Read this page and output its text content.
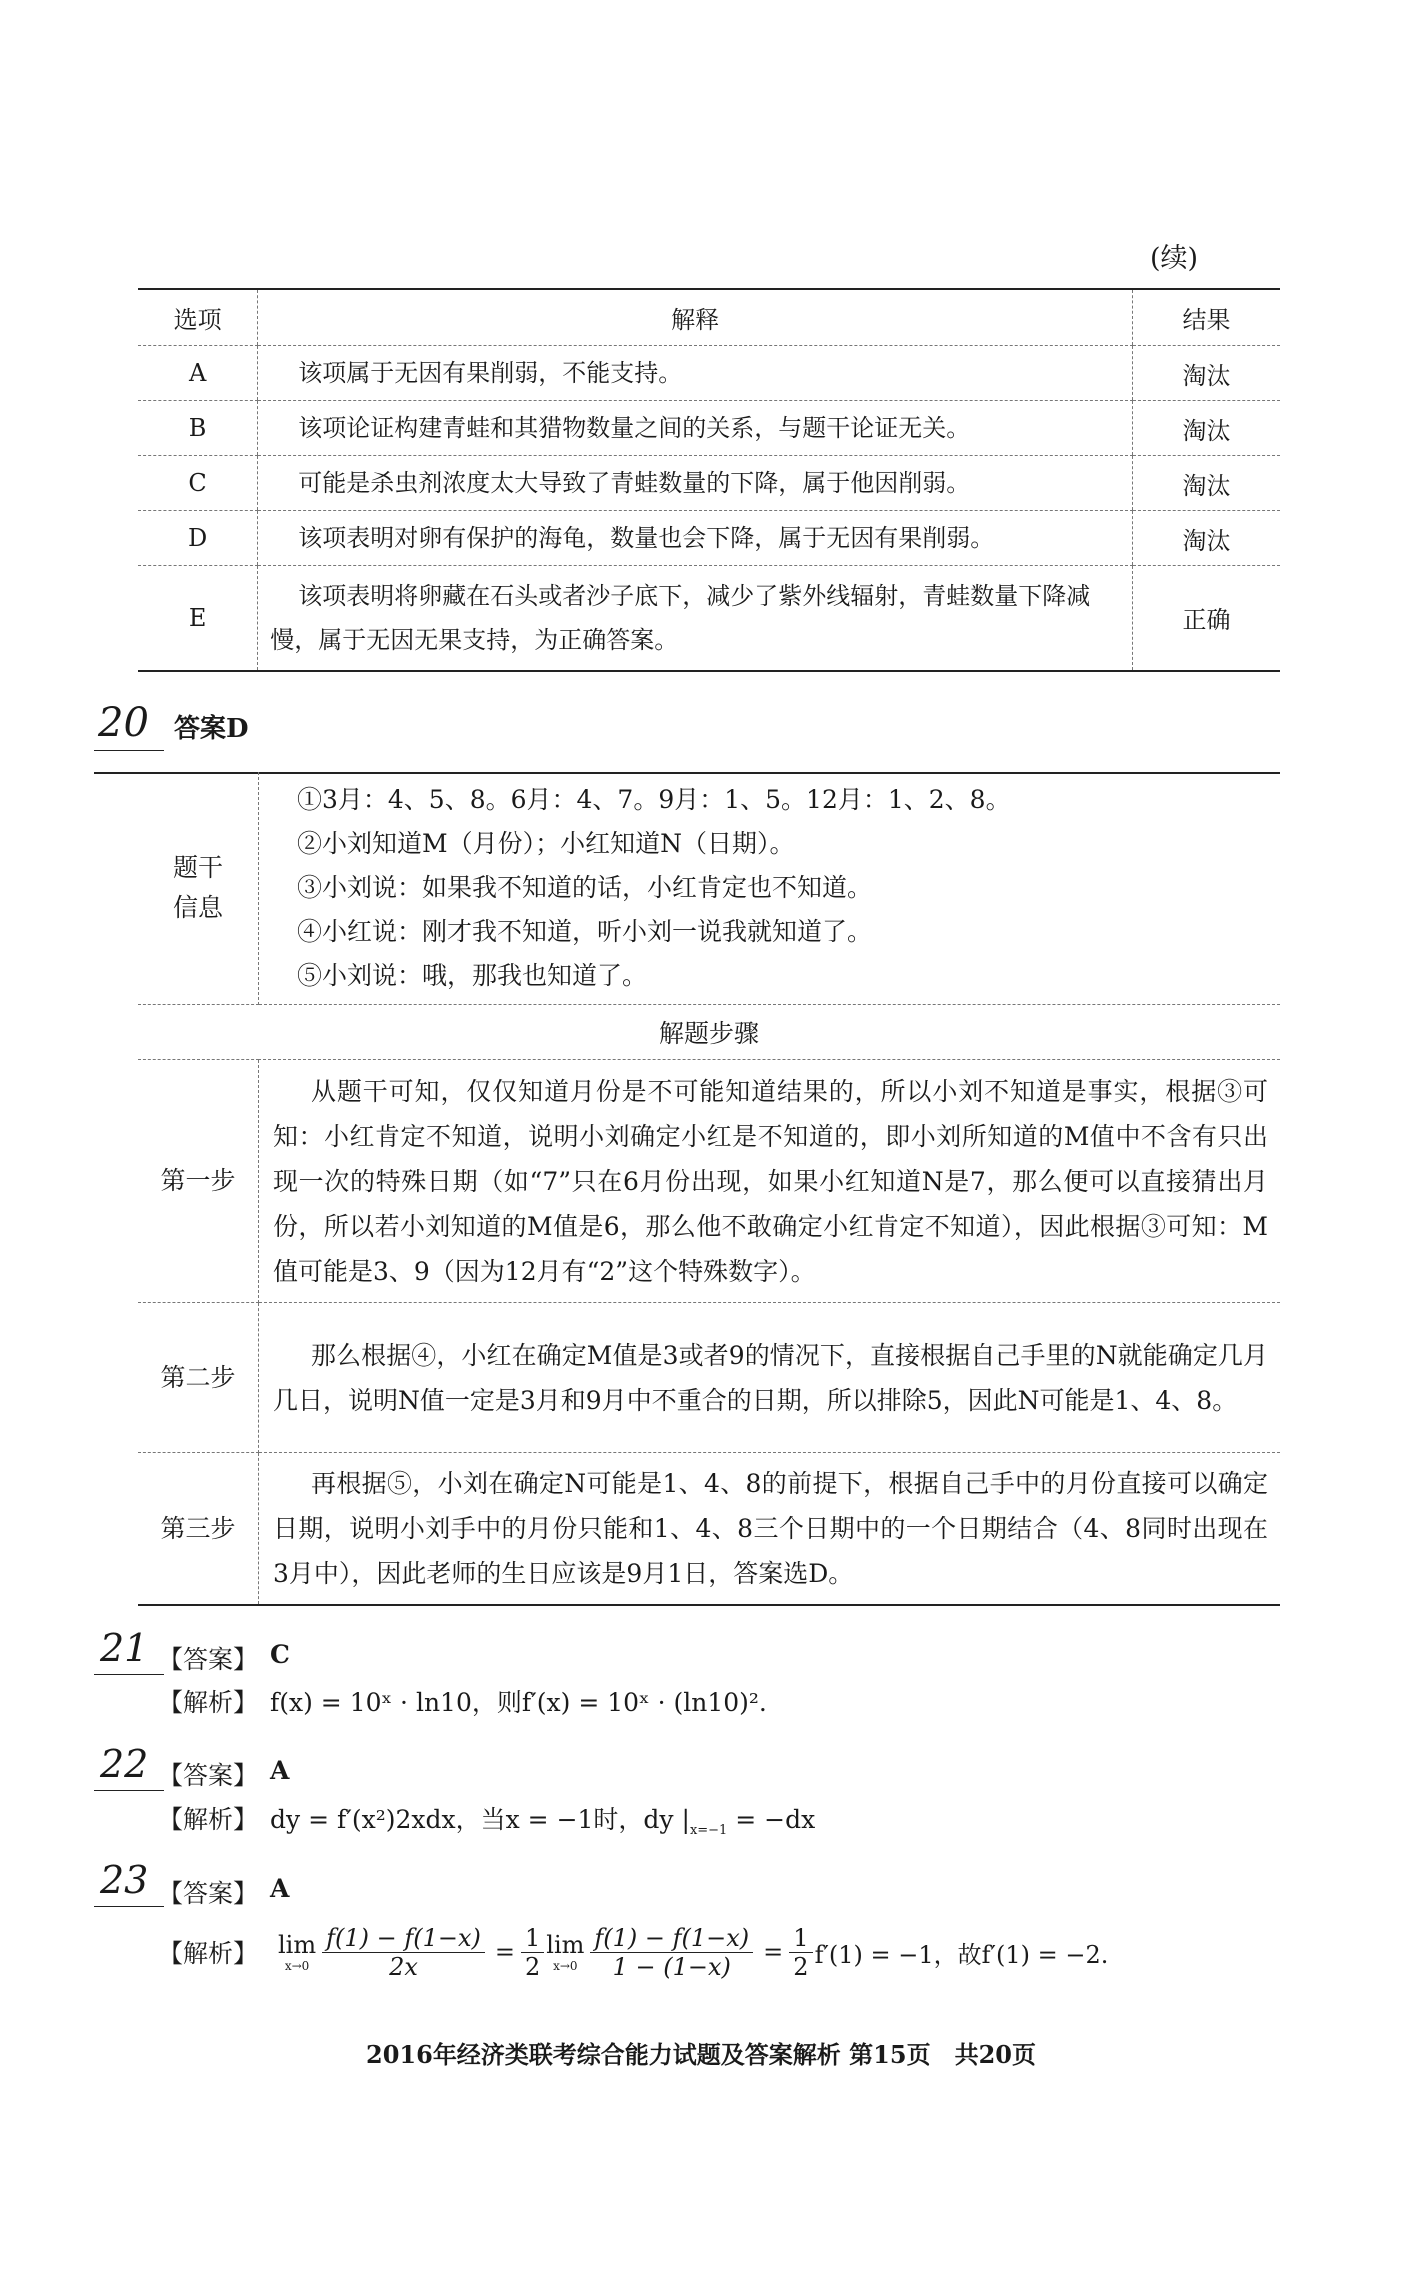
(续)
选项	解释	结果
A	该项属于无因有果削弱，不能支持。	淘汰
B	该项论证构建青蛙和其猎物数量之间的关系，与题干论证无关。	淘汰
C	可能是杀虫剂浓度太大导致了青蛙数量的下降，属于他因削弱。	淘汰
D	该项表明对卵有保护的海龟，数量也会下降，属于无因有果削弱。	淘汰
E	该项表明将卵藏在石头或者沙子底下，减少了紫外线辐射，青蛙数量下降减慢，属于无因无果支持，为正确答案。	正确
20 答案D
题干信息	①3月：4、5、8。6月：4、7。9月：1、5。12月：1、2、8。
②小刘知道M（月份）；小红知道N（日期）。
③小刘说：如果我不知道的话，小红肯定也不知道。
④小红说：刚才我不知道，听小刘一说我就知道了。
⑤小刘说：哦，那我也知道了。

解题步骤	
第一步	从题干可知，仅仅知道月份是不可能知道结果的，所以小刘不知道是事实，根据③可知：小红肯定不知道，说明小刘确定小红是不知道的，即小刘所知道的M值中不含有只出现一次的特殊日期（如“7”只在6月份出现，如果小红知道N是7，那么便可以直接猜出月份，所以若小刘知道的M值是6，那么他不敢确定小红肯定不知道），因此根据③可知：M值可能是3、9（因为12月有“2”这个特殊数字）。
第二步	那么根据④，小红在确定M值是3或者9的情况下，直接根据自己手里的N就能确定几月几日，说明N值一定是3月和9月中不重合的日期，所以排除5，因此N可能是1、4、8。
第三步	再根据⑤，小刘在确定N可能是1、4、8的前提下，根据自己手中的月份直接可以确定日期，说明小刘手中的月份只能和1、4、8三个日期中的一个日期结合（4、8同时出现在3月中），因此老师的生日应该是9月1日，答案选D。
21 【答案】 C
【解析】 f(x) = 10ˣ · ln10，则f′(x) = 10ˣ · (ln10)².
22 【答案】 A
【解析】 dy = f′(x²)2xdx，当x = −1时，dy $|_{x=-1} = -dx$
23 【答案】 A
【解析】 lim
$x\to 0 \frac{f(1) - f(1-x)}{2x} = \frac{1}{2}$ lim
$x\to 0 \frac{f(1) - f(1-x)}{1 - (1-x)} = \frac{1}{2} f'(1) = -1$，故f′(1) = −2.
2016年经济类联考综合能力试题及答案解析 第15页　共20页
